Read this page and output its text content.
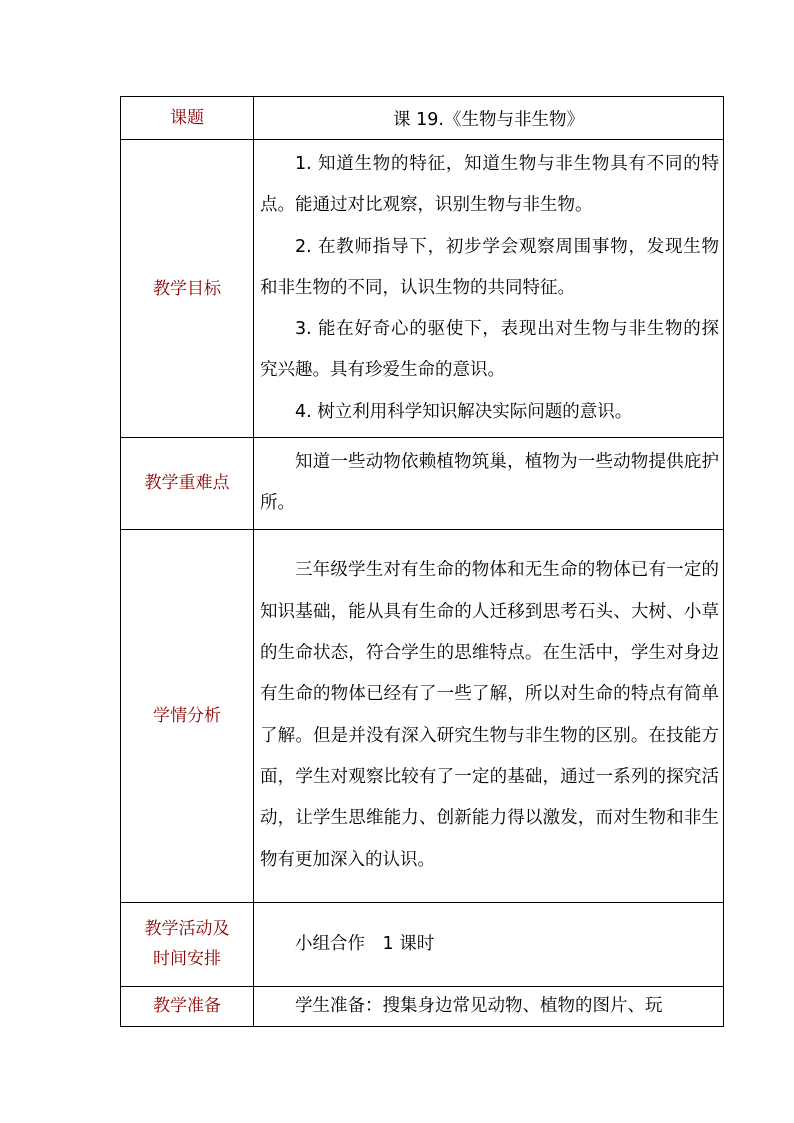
课题	课 19.《生物与非生物》
教学目标	1. 知道生物的特征，知道生物与非生物具有不同的特点。能通过对比观察，识别生物与非生物。

2. 在教师指导下，初步学会观察周围事物，发现生物和非生物的不同，认识生物的共同特征。

3. 能在好奇心的驱使下，表现出对生物与非生物的探究兴趣。具有珍爱生命的意识。

4. 树立利用科学知识解决实际问题的意识。

教学重难点	知道一些动物依赖植物筑巢，植物为一些动物提供庇护所。

学情分析	三年级学生对有生命的物体和无生命的物体已有一定的知识基础，能从具有生命的人迁移到思考石头、大树、小草的生命状态，符合学生的思维特点。在生活中，学生对身边有生命的物体已经有了一些了解，所以对生命的特点有简单了解。但是并没有深入研究生物与非生物的区别。在技能方面，学生对观察比较有了一定的基础，通过一系列的探究活动，让学生思维能力、创新能力得以激发，而对生物和非生物有更加深入的认识。

教学活动及
时间安排	小组合作　1 课时

教学准备	学生准备：搜集身边常见动物、植物的图片、玩
